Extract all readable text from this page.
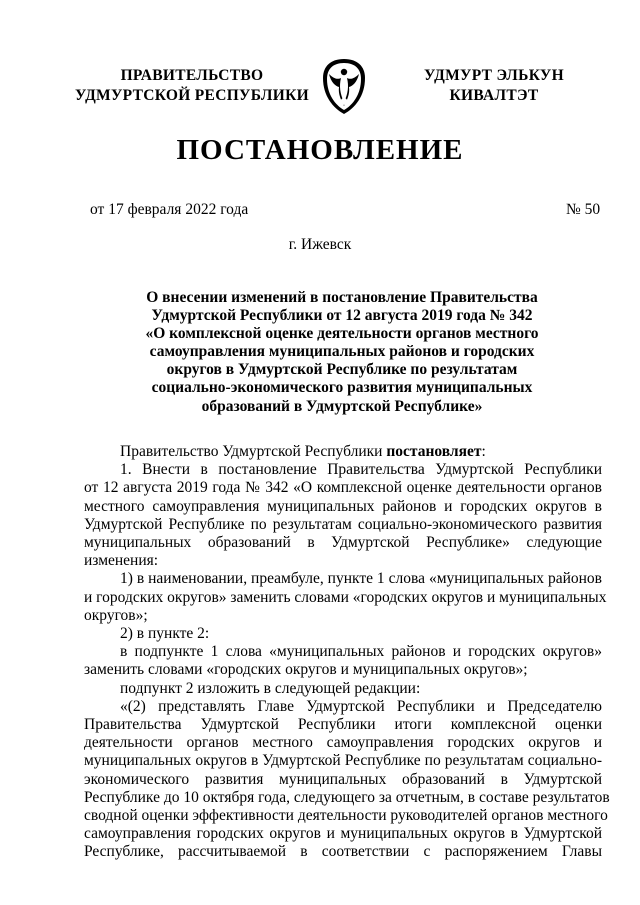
ПРАВИТЕЛЬСТВО
УДМУРТСКОЙ РЕСПУБЛИКИ
УДМУРТ ЭЛЬКУН
КИВАЛТЭТ
ПОСТАНОВЛЕНИЕ
от 17 февраля 2022 года	№ 50
г. Ижевск
О внесении изменений в постановление Правительства
Удмуртской Республики от 12 августа 2019 года № 342
«О комплексной оценке деятельности органов местного
самоуправления муниципальных районов и городских
округов в Удмуртской Республике по результатам
социально-экономического развития муниципальных
образований в Удмуртской Республике»
Правительство Удмуртской Республики постановляет:
1. Внести в постановление Правительства Удмуртской Республики
от 12 августа 2019 года № 342 «О комплексной оценке деятельности органов
местного самоуправления муниципальных районов и городских округов в
Удмуртской Республике по результатам социально-экономического развития
муниципальных образований в Удмуртской Республике» следующие
изменения:
1) в наименовании, преамбуле, пункте 1 слова «муниципальных районов
и городских округов» заменить словами «городских округов и муниципальных
округов»;
2) в пункте 2:
в подпункте 1 слова «муниципальных районов и городских округов»
заменить словами «городских округов и муниципальных округов»;
подпункт 2 изложить в следующей редакции:
«(2) представлять Главе Удмуртской Республики и Председателю
Правительства Удмуртской Республики итоги комплексной оценки
деятельности органов местного самоуправления городских округов и
муниципальных округов в Удмуртской Республике по результатам социально-
экономического развития муниципальных образований в Удмуртской
Республике до 10 октября года, следующего за отчетным, в составе результатов
сводной оценки эффективности деятельности руководителей органов местного
самоуправления городских округов и муниципальных округов в Удмуртской
Республике, рассчитываемой в соответствии с распоряжением Главы
